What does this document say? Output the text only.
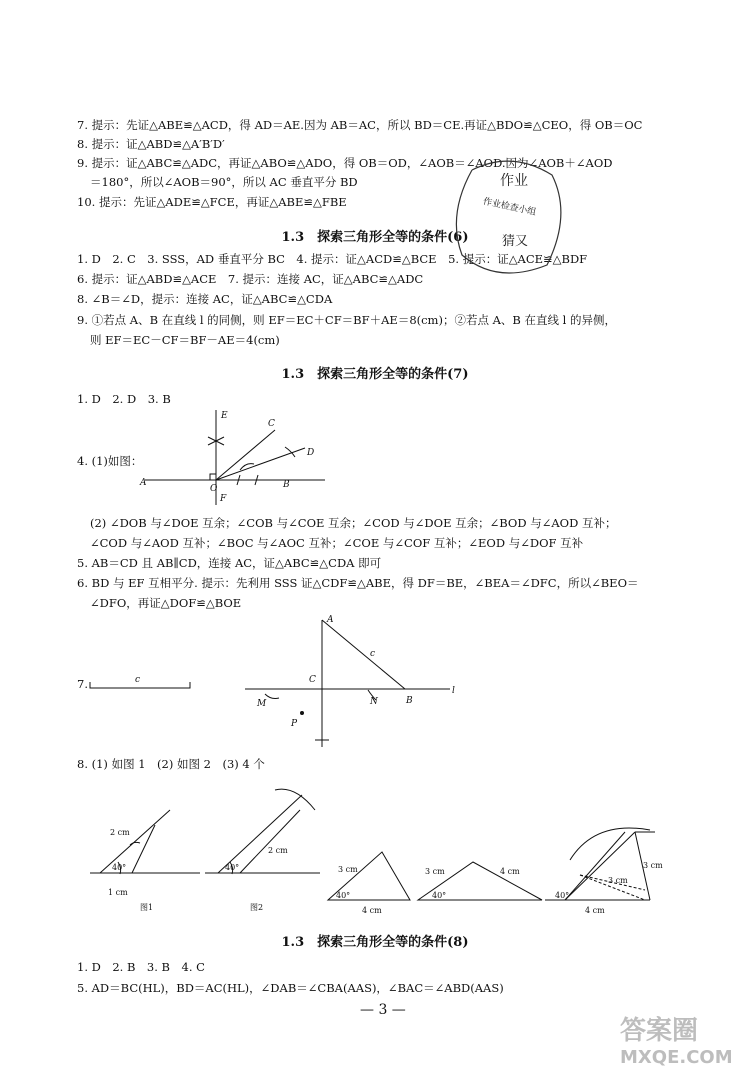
7. 提示：先证△ABE≌△ACD，得 AD＝AE.因为 AB＝AC，所以 BD＝CE.再证△BDO≌△CEO，得 OB＝OC
8. 提示：证△ABD≌△A′B′D′
9. 提示：证△ABC≌△ADC，再证△ABO≌△ADO，得 OB＝OD，∠AOB＝∠AOD.因为∠AOB＋∠AOD
＝180°，所以∠AOB＝90°，所以 AC 垂直平分 BD
10. 提示：先证△ADE≌△FCE，再证△ABE≌△FBE
1.3　探索三角形全等的条件(6)
1. D　2. C　3. SSS，AD 垂直平分 BC　4. 提示：证△ACD≌△BCE　5. 提示：证△ACE≌△BDF
6. 提示：证△ABD≌△ACE　7. 提示：连接 AC，证△ABC≌△ADC
8. ∠B＝∠D，提示：连接 AC，证△ABC≌△CDA
9. ①若点 A、B 在直线 l 的同侧，则 EF＝EC＋CF＝BF＋AE＝8(cm)；②若点 A、B 在直线 l 的异侧，
则 EF＝EC－CF＝BF－AE＝4(cm)
1.3　探索三角形全等的条件(7)
1. D　2. D　3. B
4. (1)如图：
A	B
C
D
E
F
O
(2) ∠DOB 与∠DOE 互余；∠COB 与∠COE 互余；∠COD 与∠DOE 互余；∠BOD 与∠AOD 互补；
∠COD 与∠AOD 互补；∠BOC 与∠AOC 互补；∠COE 与∠COF 互补；∠EOD 与∠DOF 互补
5. AB＝CD 且 AB∥CD，连接 AC，证△ABC≌△CDA 即可
6. BD 与 EF 互相平分. 提示：先利用 SSS 证△CDF≌△ABE，得 DF＝BE，∠BEA＝∠DFC，所以∠BEO＝
∠DFO，再证△DOF≌△BOE
7.	c
A
c
C
B
l
M	N
P
8. (1) 如图 1　(2) 如图 2　(3) 4 个
2 cm
40°
1 cm
图1
40°
2 cm
图2
3 cm
40°
4 cm
3 cm	4 cm
40°
3 cm
3 cm
40°
4 cm
1.3　探索三角形全等的条件(8)
1. D　2. B　3. B　4. C
5. AD＝BC(HL)，BD＝AC(HL)，∠DAB＝∠CBA(AAS)，∠BAC＝∠ABD(AAS)
作业
作业检查小组
猜又
— 3 —
答案圈
MXQE.COM
